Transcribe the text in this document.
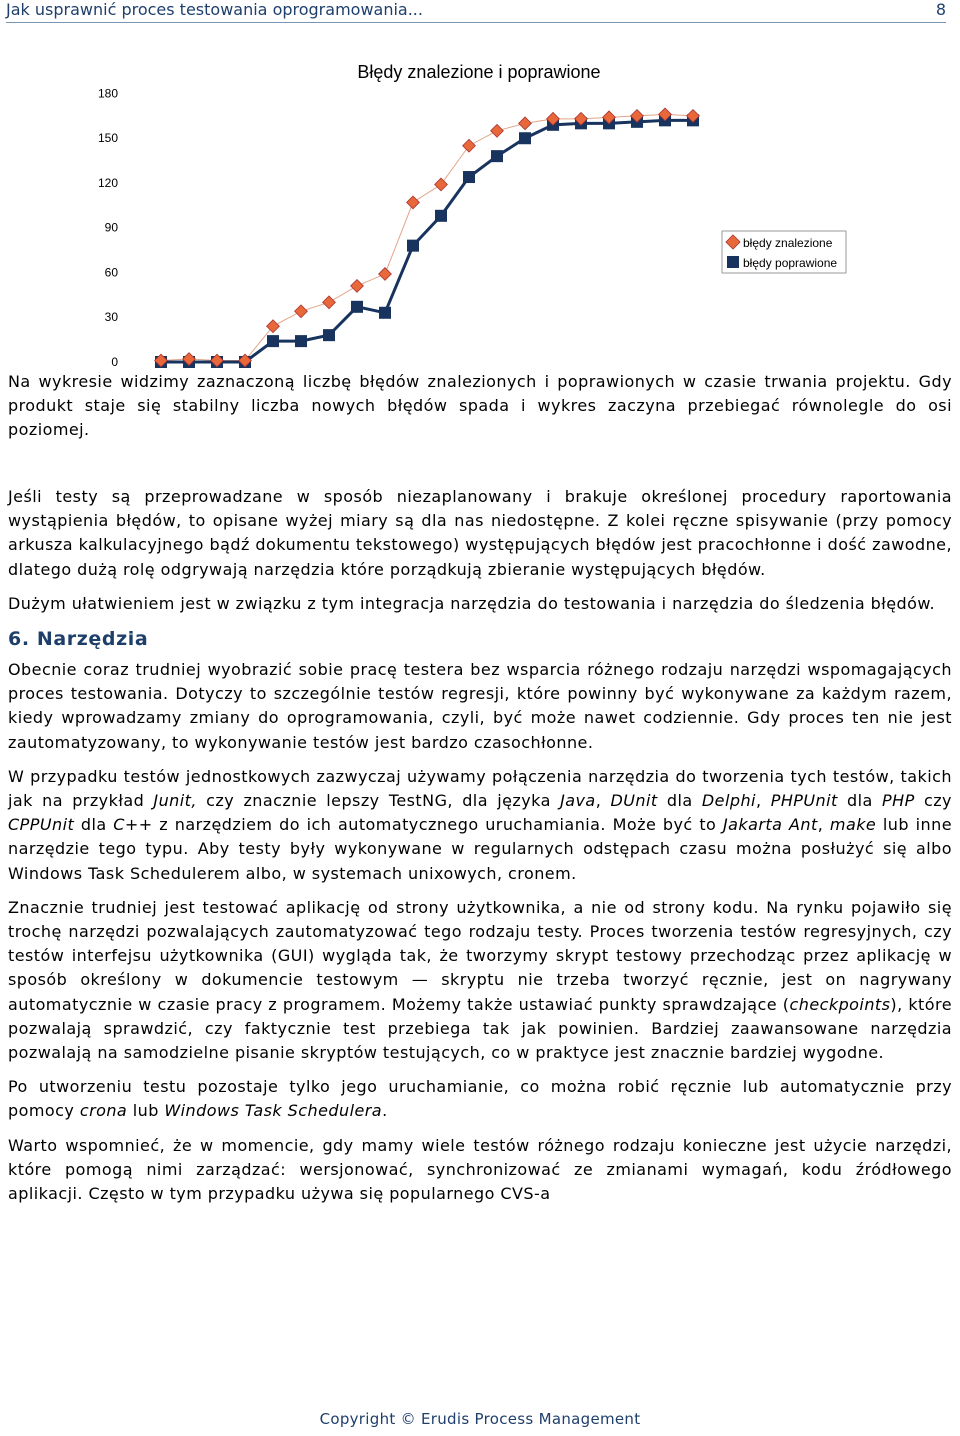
Jak usprawnić proces testowania oprogramowania...	8
Błędy znalezione i poprawione
0
30
60
90
120
150
180
błędy znalezione
błędy poprawione

Na wykresie widzimy zaznaczoną liczbę błędów znalezionych i poprawionych w czasie trwania projektu. Gdy produkt staje się stabilny liczba nowych błędów spada i wykres zaczyna przebiegać równolegle do osi poziomej.

Jeśli testy są przeprowadzane w sposób niezaplanowany i brakuje określonej procedury raportowania wystąpienia błędów, to opisane wyżej miary są dla nas niedostępne. Z kolei ręczne spisywanie (przy pomocy arkusza kalkulacyjnego bądź dokumentu tekstowego) występujących błędów jest pracochłonne i dość zawodne, dlatego dużą rolę odgrywają narzędzia które porządkują zbieranie występujących błędów.

Dużym ułatwieniem jest w związku z tym integracja narzędzia do testowania i narzędzia do śledzenia błędów.

6. Narzędzia

Obecnie coraz trudniej wyobrazić sobie pracę testera bez wsparcia różnego rodzaju narzędzi wspomagających proces testowania. Dotyczy to szczególnie testów regresji, które powinny być wykonywane za każdym razem, kiedy wprowadzamy zmiany do oprogramowania, czyli, być może nawet codziennie. Gdy proces ten nie jest zautomatyzowany, to wykonywanie testów jest bardzo czasochłonne.

W przypadku testów jednostkowych zazwyczaj używamy połączenia narzędzia do tworzenia tych testów, takich jak na przykład Junit, czy znacznie lepszy TestNG, dla języka Java, DUnit dla Delphi, PHPUnit dla PHP czy CPPUnit dla C++ z narzędziem do ich automatycznego uruchamiania. Może być to Jakarta Ant, make lub inne narzędzie tego typu. Aby testy były wykonywane w regularnych odstępach czasu można posłużyć się albo Windows Task Schedulerem albo, w systemach unixowych, cronem.

Znacznie trudniej jest testować aplikację od strony użytkownika, a nie od strony kodu. Na rynku pojawiło się trochę narzędzi pozwalających zautomatyzować tego rodzaju testy. Proces tworzenia testów regresyjnych, czy testów interfejsu użytkownika (GUI) wygląda tak, że tworzymy skrypt testowy przechodząc przez aplikację w sposób określony w dokumencie testowym — skryptu nie trzeba tworzyć ręcznie, jest on nagrywany automatycznie w czasie pracy z programem. Możemy także ustawiać punkty sprawdzające (checkpoints), które pozwalają sprawdzić, czy faktycznie test przebiega tak jak powinien. Bardziej zaawansowane narzędzia pozwalają na samodzielne pisanie skryptów testujących, co w praktyce jest znacznie bardziej wygodne.

Po utworzeniu testu pozostaje tylko jego uruchamianie, co można robić ręcznie lub automatycznie przy pomocy crona lub Windows Task Schedulera.

Warto wspomnieć, że w momencie, gdy mamy wiele testów różnego rodzaju konieczne jest użycie narzędzi, które pomogą nimi zarządzać: wersjonować, synchronizować ze zmianami wymagań, kodu źródłowego aplikacji. Często w tym przypadku używa się popularnego CVS-a

Copyright © Erudis Process Management
